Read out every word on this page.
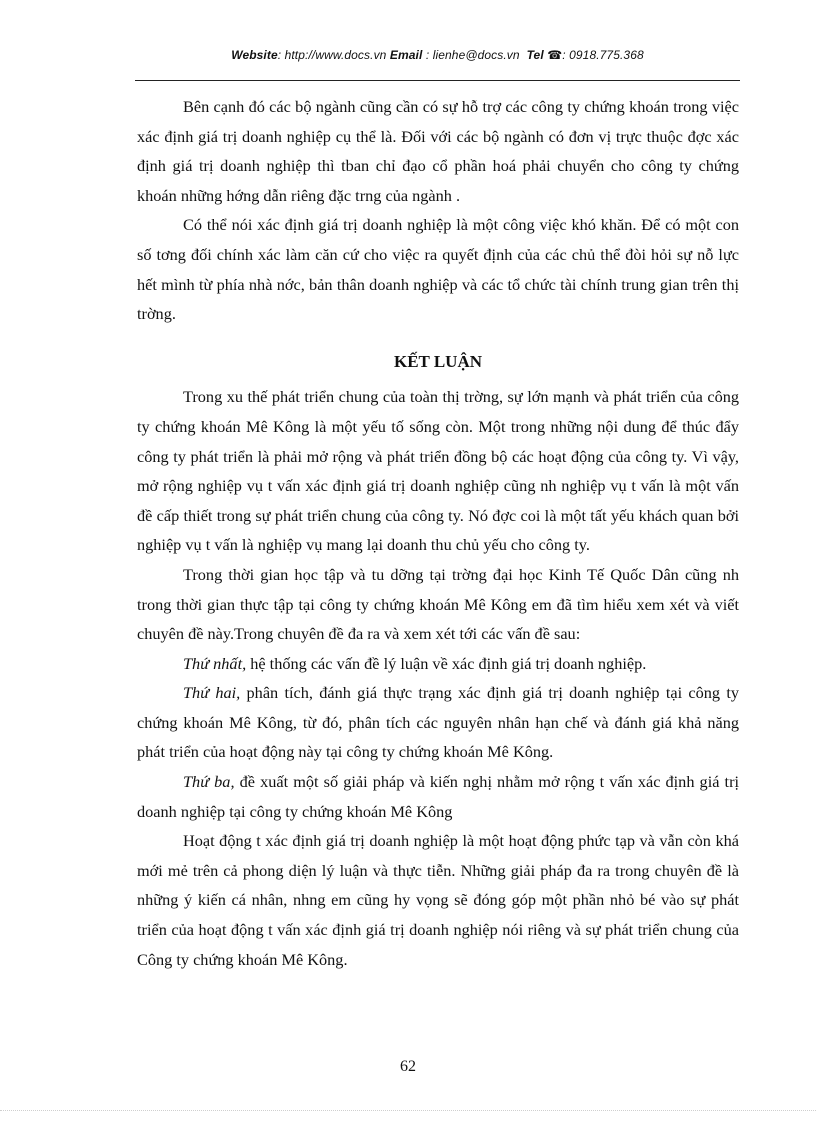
Website: http://www.docs.vn Email : lienhe@docs.vn Tel ☎: 0918.775.368

Bên cạnh đó các bộ ngành cũng cần có sự hỗ trợ các công ty chứng khoán trong việc xác định giá trị doanh nghiệp cụ thể là. Đối với các bộ ngành có đơn vị trực thuộc đợc xác định giá trị doanh nghiệp thì tban chỉ đạo cổ phần hoá phải chuyển cho công ty chứng khoán những hớng dẫn riêng đặc trng của ngành .

Có thể nói xác định giá trị doanh nghiệp là một công việc khó khăn. Để có một con số tơng đối chính xác làm căn cứ cho việc ra quyết định của các chủ thể đòi hỏi sự nỗ lực hết mình từ phía nhà nớc, bản thân doanh nghiệp và các tổ chức tài chính trung gian trên thị trờng.

KẾT LUẬN

Trong xu thế phát triển chung của toàn thị trờng, sự lớn mạnh và phát triển của công ty chứng khoán Mê Kông là một yếu tố sống còn. Một trong những nội dung để thúc đẩy công ty phát triển là phải mở rộng và phát triển đồng bộ các hoạt động của công ty. Vì vậy, mở rộng nghiệp vụ t vấn xác định giá trị doanh nghiệp cũng nh nghiệp vụ t vấn là một vấn đề cấp thiết trong sự phát triển chung của công ty. Nó đợc coi là một tất yếu khách quan bởi nghiệp vụ t vấn là nghiệp vụ mang lại doanh thu chủ yếu cho công ty.

Trong thời gian học tập và tu dỡng tại trờng đại học Kinh Tế Quốc Dân cũng nh trong thời gian thực tập tại công ty chứng khoán Mê Kông em đã tìm hiểu xem xét và viết chuyên đề này.Trong chuyên đề đa ra và xem xét tới các vấn đề sau:

Thứ nhất, hệ thống các vấn đề lý luận về xác định giá trị doanh nghiệp.

Thứ hai, phân tích, đánh giá thực trạng xác định giá trị doanh nghiệp tại công ty chứng khoán Mê Kông, từ đó, phân tích các nguyên nhân hạn chế và đánh giá khả năng phát triển của hoạt động này tại công ty chứng khoán Mê Kông.

Thứ ba, đề xuất một số giải pháp và kiến nghị nhằm mở rộng t vấn xác định giá trị doanh nghiệp tại công ty chứng khoán Mê Kông

Hoạt động t xác định giá trị doanh nghiệp là một hoạt động phức tạp và vẫn còn khá mới mẻ trên cả phong diện lý luận và thực tiễn. Những giải pháp đa ra trong chuyên đề là những ý kiến cá nhân, nhng em cũng hy vọng sẽ đóng góp một phần nhỏ bé vào sự phát triển của hoạt động t vấn xác định giá trị doanh nghiệp nói riêng và sự phát triển chung của Công ty chứng khoán Mê Kông.

62
